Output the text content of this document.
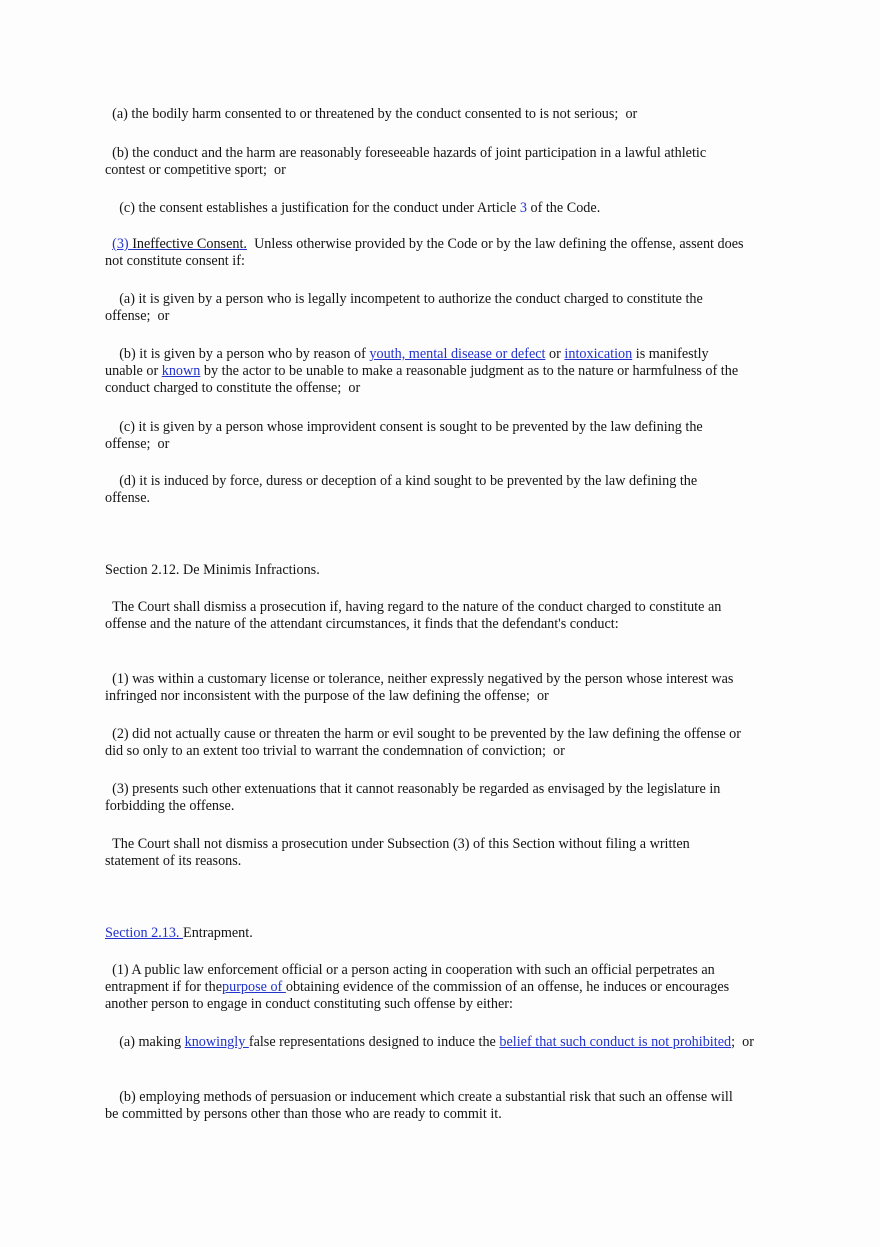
(a) the bodily harm consented to or threatened by the conduct consented to is not serious;  or

(b) the conduct and the harm are reasonably foreseeable hazards of joint participation in a lawful athletic contest or competitive sport;  or

(c) the consent establishes a justification for the conduct under Article 3 of the Code.

(3) Ineffective Consent.  Unless otherwise provided by the Code or by the law defining the offense, assent does not constitute consent if:

(a) it is given by a person who is legally incompetent to authorize the conduct charged to constitute the offense;  or

(b) it is given by a person who by reason of youth, mental disease or defect or intoxication is manifestly unable or known by the actor to be unable to make a reasonable judgment as to the nature or harmfulness of the conduct charged to constitute the offense;  or

(c) it is given by a person whose improvident consent is sought to be prevented by the law defining the offense;  or

(d) it is induced by force, duress or deception of a kind sought to be prevented by the law defining the offense.

Section 2.12. De Minimis Infractions.

The Court shall dismiss a prosecution if, having regard to the nature of the conduct charged to constitute an offense and the nature of the attendant circumstances, it finds that the defendant's conduct:

(1) was within a customary license or tolerance, neither expressly negatived by the person whose interest was infringed nor inconsistent with the purpose of the law defining the offense;  or

(2) did not actually cause or threaten the harm or evil sought to be prevented by the law defining the offense or did so only to an extent too trivial to warrant the condemnation of conviction;  or

(3) presents such other extenuations that it cannot reasonably be regarded as envisaged by the legislature in forbidding the offense.

The Court shall not dismiss a prosecution under Subsection (3) of this Section without filing a written statement of its reasons.

Section 2.13. Entrapment.

(1) A public law enforcement official or a person acting in cooperation with such an official perpetrates an entrapment if for thepurpose of obtaining evidence of the commission of an offense, he induces or encourages another person to engage in conduct constituting such offense by either:

(a) making knowingly false representations designed to induce the belief that such conduct is not prohibited;  or

(b) employing methods of persuasion or inducement which create a substantial risk that such an offense will be committed by persons other than those who are ready to commit it.
